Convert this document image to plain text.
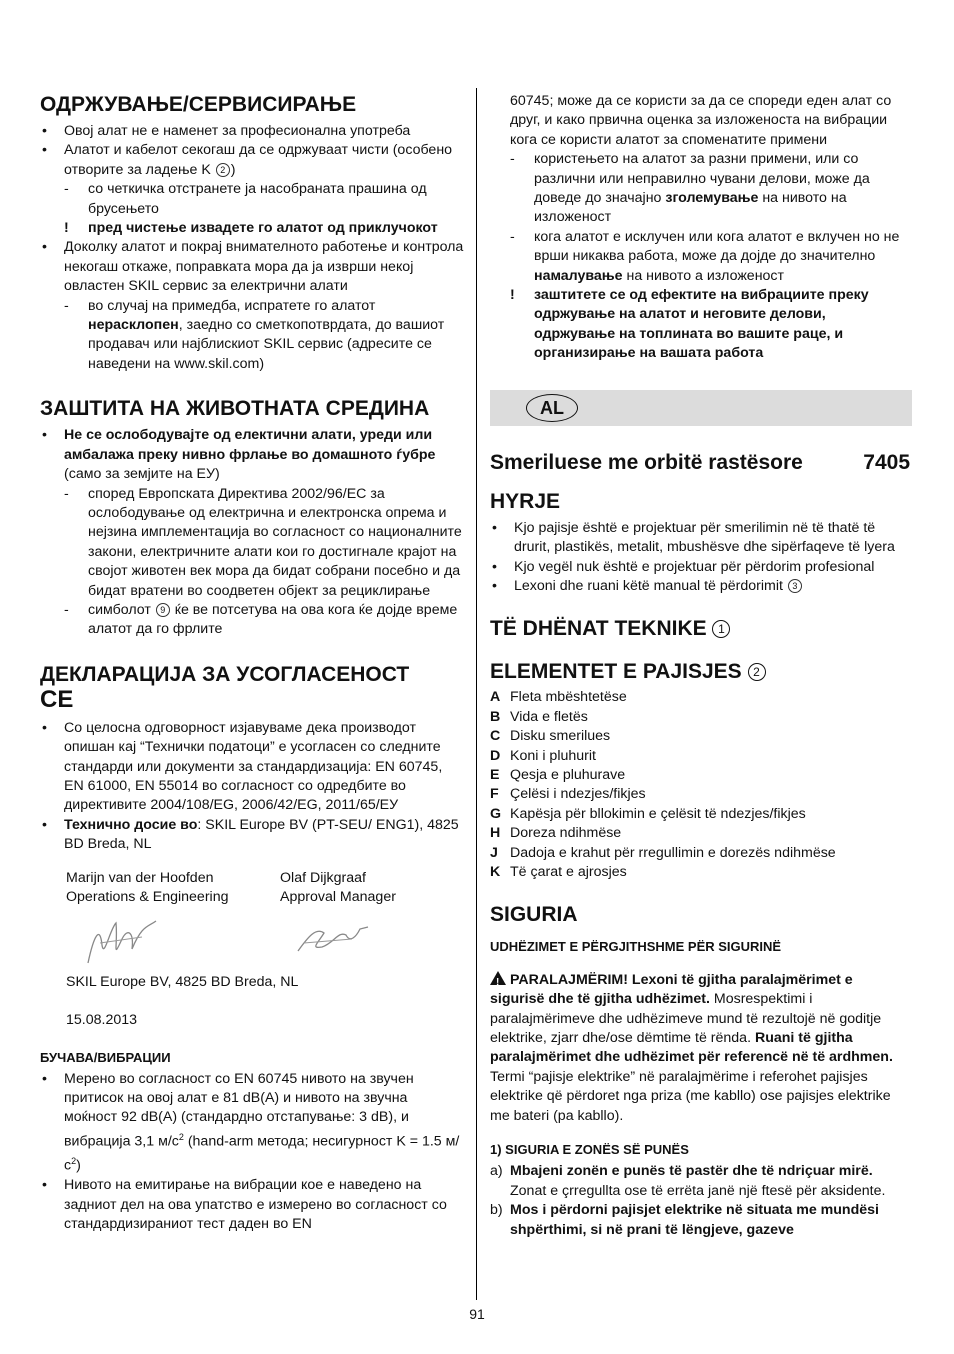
ОДРЖУВАЊЕ/СЕРВИСИРАЊЕ
• Овој алат не е наменет за професионална употреба
• Алатот и кабелот секогаш да се одржуваат чисти (особено отворите за ладење K 2 )
- со четкичка отстранете ја насобраната прашина од брусењето

! пред чистење извадете го алатот од приклучокот

• Доколку алатот и покрај внимателното работење и контрола некогаш откаже, поправката мора да ја изврши некој овластен SKIL сервис за електрични алати
- во случај на примедба, испратете го алатот нерасклопен, заедно со сметкопотврдата, до вашиот продавач или најблискиот SKIL сервис (адресите се наведени на www.skil.com)
ЗАШТИТА НА ЖИВОТНАТА СРЕДИНА
• Не се ослободувајте од електични алати, уреди или амбалажа преку нивно фрлање во домашното ѓубре (само за земјите на ЕУ)
- според Европската Директива 2002/96/ЕС за ослободување од електрична и електронска опрема и нејзина имплементација во согласност со националните закони, електричните алати кои го достигнале крајот на својот животен век мора да бидат собрани посебно и да бидат вратени во соодветен објект за рециклирање
- симболот 9 ќе ве потсетува на ова кога ќе дојде време алатот да го фрлите
ДЕКЛАРАЦИЈА ЗА УСОГЛАСЕНОСТ
CE
• Со целосна одговорност изјавуваме дека производот опишан кај “Технички податоци” е усогласен со следните стандарди или документи за стандардизација: EN 60745, EN 61000, EN 55014 во согласност со одредбите во директивите 2004/108/EG, 2006/42/EG, 2011/65/ЕУ
• Технично досие во: SKIL Europe BV (PT-SEU/ ENG1), 4825 BD Breda, NL
Marijn van der Hoofden
Operations & Engineering
Olaf Dijkgraaf
Approval Manager

SKIL Europe BV, 4825 BD Breda, NL

15.08.2013

БУЧАВА/ВИБРАЦИИ

• Мерено во согласност со EN 60745 нивото на звучен притисок на овој алат е 81 dB(A) и нивото на звучна моќност 92 dB(A) (стандардно отстапување: 3 dB), и вибрација 3,1 $м/с^2$ (hand-arm метода; несигурност K = 1.5 $м/с^2$)
• Нивото на емитирање на вибрации кое е наведено на задниот дел на ова упатство е измерено во согласност со стандардизираниот тест даден во EN

60745; може да се користи за да се спореди еден алат со друг, и како првична оценка за изложеноста на вибрации кога се користи алатот за споменатите примени

- користењето на алатот за разни примени, или со различни или неправилно чувани делови, може да доведе до значајно зголемување на нивото на изложеност
- кога алатот е исклучен или кога алатот е вклучен но не врши никаква работа, може да дојде до значително намалување на нивото а изложеност

! заштитете се од ефектите на вибрациите преку одржување на алатот и неговите делови, одржување на топлината во вашите раце, и организирање на вашата работа

AL
Smeriluese me orbitë rastësore	7405
HYRJE
• Kjo pajisje është e projektuar për smerilimin në të thatë të drurit, plastikës, metalit, mbushësve dhe sipërfaqeve të lyera
• Kjo vegël nuk është e projektuar për përdorim profesional
• Lexoni dhe ruani këtë manual të përdorimit 3
TË DHËNAT TEKNIKE 1
ELEMENTET E PAJISJES 2
A Fleta mbështetëse
B Vida e fletës
C Disku smerilues
D Koni i pluhurit
E Qesja e pluhurave
F Çelësi i ndezjes/fikjes
G Kapësja për bllokimin e çelësit të ndezjes/fikjes
H Doreza ndihmëse
J Dadoja e krahut për rregullimin e dorezës ndihmëse
K Të çarat e ajrosjes
SIGURIA

UDHËZIMET E PËRGJITHSHME PËR SIGURINË

!PARALAJMËRIM! Lexoni të gjitha paralajmërimet e sigurisë dhe të gjitha udhëzimet. Mosrespektimi i paralajmërimeve dhe udhëzimeve mund të rezultojë në goditje elektrike, zjarr dhe/ose dëmtime të rënda. Ruani të gjitha paralajmërimet dhe udhëzimet për referencë në të ardhmen. Termi “pajisje elektrike” në paralajmërime i referohet pajisjes elektrike që përdoret nga priza (me kabllo) ose pajisjes elektrike me bateri (pa kabllo).

1) SIGURIA E ZONËS SË PUNËS

a) Mbajeni zonën e punës të pastër dhe të ndriçuar mirë. Zonat e çrregullta ose të errëta janë një ftesë për aksidente.
b) Mos i përdorni pajisjet elektrike në situata me mundësi shpërthimi, si në prani të lëngjeve, gazeve
91
